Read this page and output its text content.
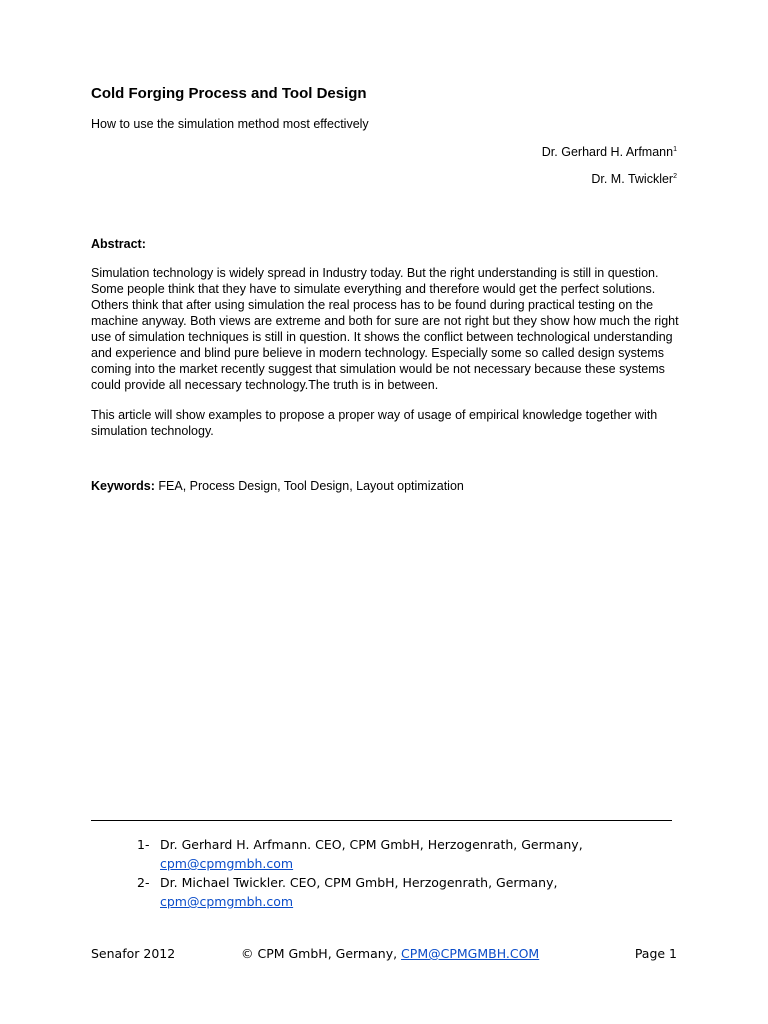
Cold Forging Process and Tool Design
How to use the simulation method most effectively
Dr. Gerhard H. Arfmann$^1$
Dr. M. Twickler$^2$
Abstract:
Simulation technology is widely spread in Industry today. But the right understanding is still in question. Some people think that they have to simulate everything and therefore would get the perfect solutions. Others think that after using simulation the real process has to be found during practical testing on the machine anyway. Both views are extreme and both for sure are not right but they show how much the right use of simulation techniques is still in question. It shows the conflict between technological understanding and experience and blind pure believe in modern technology. Especially some so called design systems coming into the market recently suggest that simulation would be not necessary because these systems could provide all necessary technology.The truth is in between.
This article will show examples to propose a proper way of usage of empirical knowledge together with simulation technology.
Keywords: FEA, Process Design, Tool Design, Layout optimization
1- Dr. Gerhard H. Arfmann. CEO, CPM GmbH, Herzogenrath, Germany, cpm@cpmgmbh.com
2- Dr. Michael Twickler. CEO, CPM GmbH, Herzogenrath, Germany, cpm@cpmgmbh.com
Senafor 2012	© CPM GmbH, Germany, CPM@CPMGMBH.COM	Page 1
